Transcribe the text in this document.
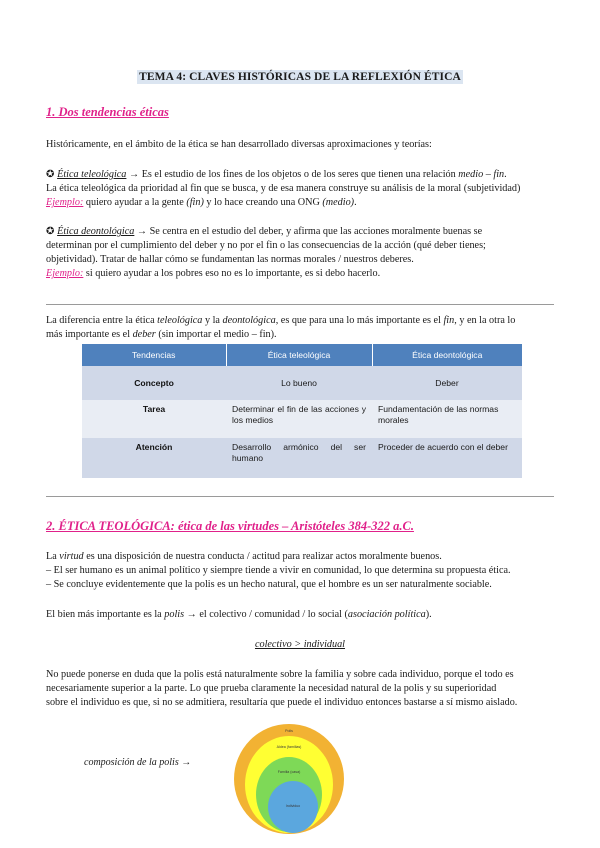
TEMA 4: CLAVES HISTÓRICAS DE LA REFLEXIÓN ÉTICA
1. Dos tendencias éticas
Históricamente, en el ámbito de la ética se han desarrollado diversas aproximaciones y teorías:
✪ Ética teleológica → Es el estudio de los fines de los objetos o de los seres que tienen una relación medio – fin.
La ética teleológica da prioridad al fin que se busca, y de esa manera construye su análisis de la moral (subjetividad)
Ejemplo: quiero ayudar a la gente (fin) y lo hace creando una ONG (medio).
✪ Ética deontológica → Se centra en el estudio del deber, y afirma que las acciones moralmente buenas se
determinan por el cumplimiento del deber y no por el fin o las consecuencias de la acción (qué deber tienes;
objetividad). Tratar de hallar cómo se fundamentan las normas morales / nuestros deberes.
Ejemplo: si quiero ayudar a los pobres eso no es lo importante, es si debo hacerlo.
La diferencia entre la ética teleológica y la deontológica, es que para una lo más importante es el fin, y en la otra lo
más importante es el deber (sin importar el medio – fin).
Tendencias	Ética teleológica	Ética deontológica
Concepto	Lo bueno	Deber
Tarea	Determinar el fin de las acciones y los medios	Fundamentación de las normas morales
Atención	Desarrollo armónico del ser humano	Proceder de acuerdo con el deber
2. ÉTICA TEOLÓGICA: ética de las virtudes – Aristóteles 384-322 a.C.
La virtud es una disposición de nuestra conducta / actitud para realizar actos moralmente buenos.
– El ser humano es un animal político y siempre tiende a vivir en comunidad, lo que determina su propuesta ética.
– Se concluye evidentemente que la polis es un hecho natural, que el hombre es un ser naturalmente sociable.
El bien más importante es la polis → el colectivo / comunidad / lo social (asociación política).
colectivo > individual
No puede ponerse en duda que la polis está naturalmente sobre la familia y sobre cada individuo, porque el todo es
necesariamente superior a la parte. Lo que prueba claramente la necesidad natural de la polis y su superioridad
sobre el individuo es que, si no se admitiera, resultaría que puede el individuo entonces bastarse a sí mismo aislado.
composición de la polis →
Polis
Aldea (familias)
Familia (casa)
Individuo
